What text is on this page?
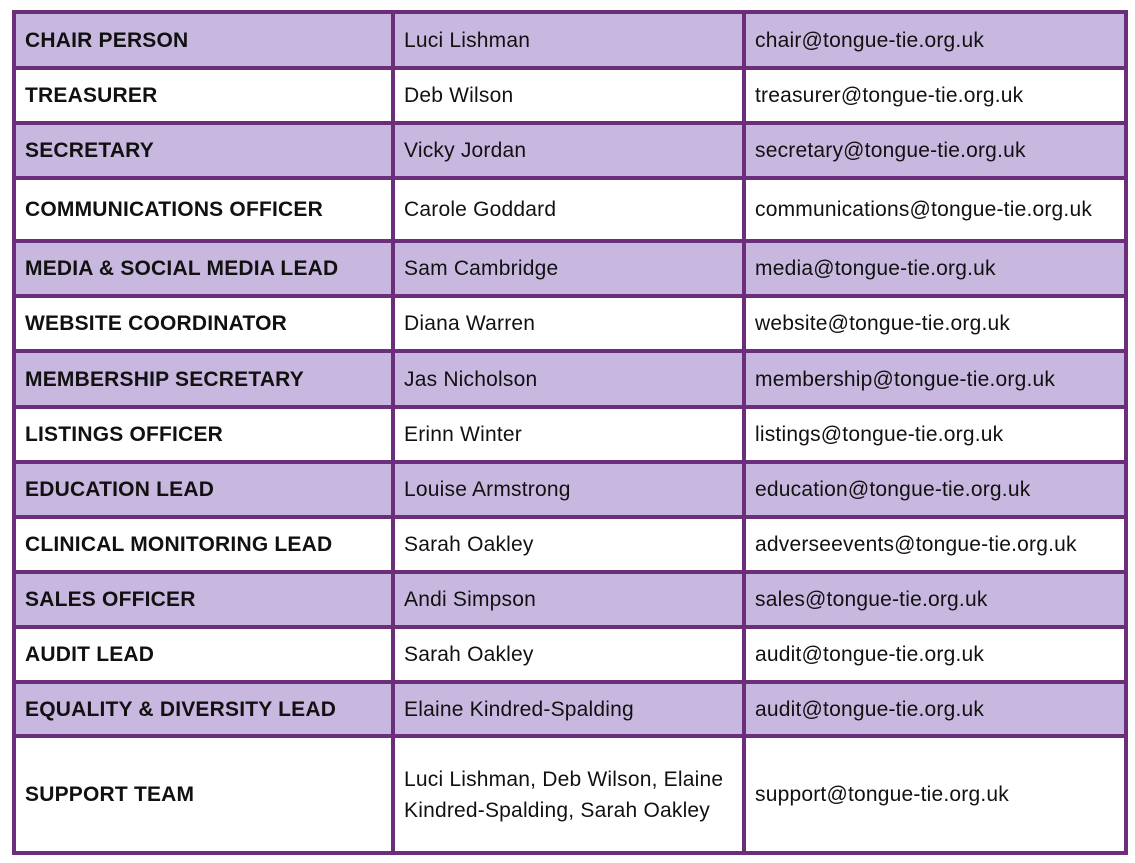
CHAIR PERSON	Luci Lishman	chair@tongue-tie.org.uk
TREASURER	Deb Wilson	treasurer@tongue-tie.org.uk
SECRETARY	Vicky Jordan	secretary@tongue-tie.org.uk
COMMUNICATIONS OFFICER	Carole Goddard	communications@tongue-tie.org.uk
MEDIA & SOCIAL MEDIA LEAD	Sam Cambridge	media@tongue-tie.org.uk
WEBSITE COORDINATOR	Diana Warren	website@tongue-tie.org.uk
MEMBERSHIP SECRETARY	Jas Nicholson	membership@tongue-tie.org.uk
LISTINGS OFFICER	Erinn Winter	listings@tongue-tie.org.uk
EDUCATION LEAD	Louise Armstrong	education@tongue-tie.org.uk
CLINICAL MONITORING LEAD	Sarah Oakley	adverseevents@tongue-tie.org.uk
SALES OFFICER	Andi Simpson	sales@tongue-tie.org.uk
AUDIT LEAD	Sarah Oakley	audit@tongue-tie.org.uk
EQUALITY & DIVERSITY LEAD	Elaine Kindred-Spalding	audit@tongue-tie.org.uk
SUPPORT TEAM	Luci Lishman, Deb Wilson, Elaine Kindred-Spalding, Sarah Oakley	support@tongue-tie.org.uk
